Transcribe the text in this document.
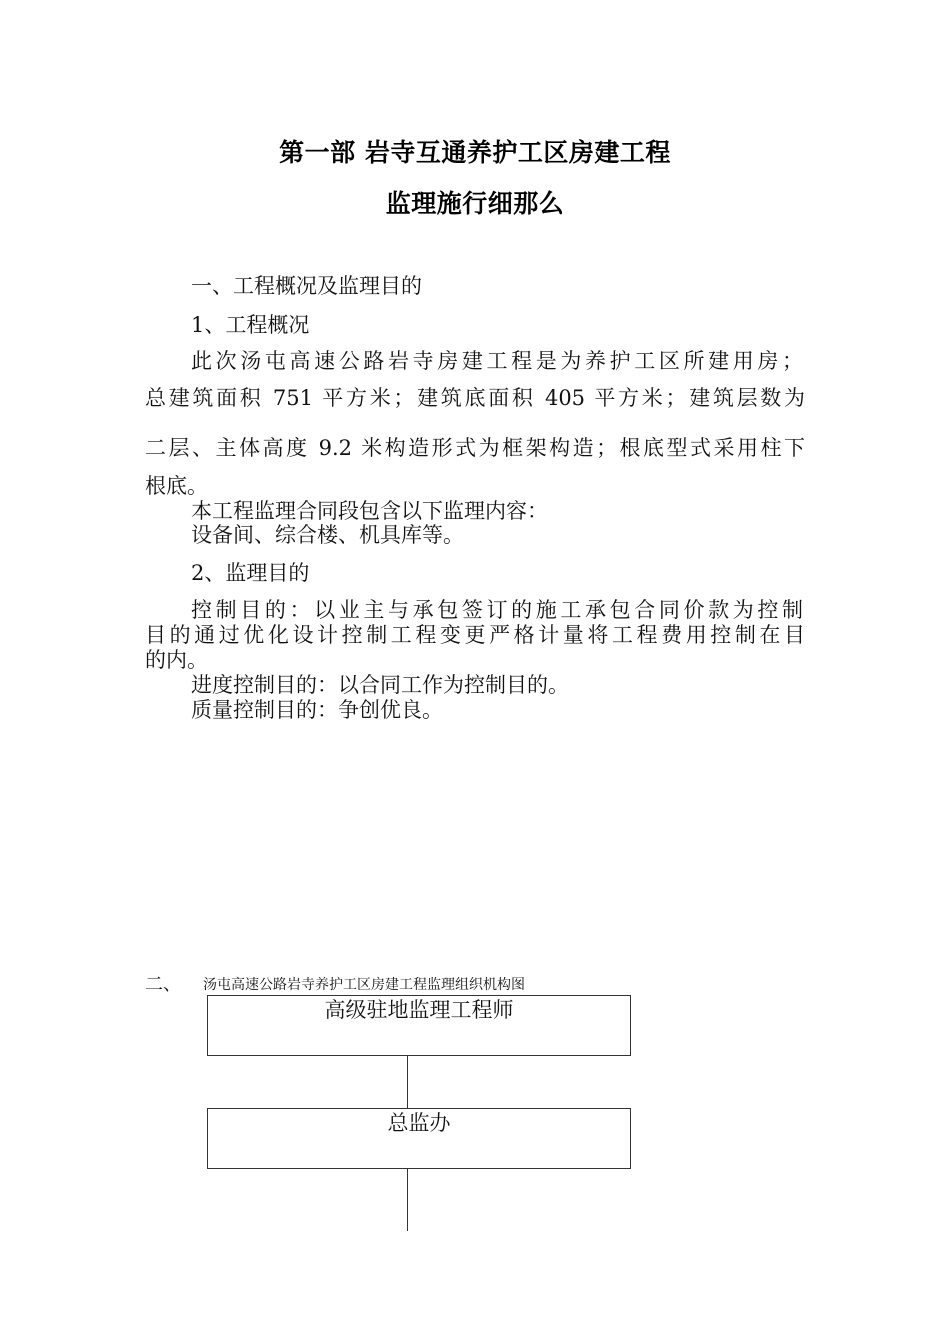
第一部 岩寺互通养护工区房建工程
监理施行细那么
一、工程概况及监理目的
1、工程概况
此次汤屯高速公路岩寺房建工程是为养护工区所建用房；
总建筑面积 751 平方米；建筑底面积 405 平方米；建筑层数为
二层、主体高度 9.2 米构造形式为框架构造；根底型式采用柱下
根底。
本工程监理合同段包含以下监理内容：
设备间、综合楼、机具库等。
2、监理目的
控制目的：以业主与承包签订的施工承包合同价款为控制
目的通过优化设计控制工程变更严格计量将工程费用控制在目
的内。
进度控制目的：以合同工作为控制目的。
质量控制目的：争创优良。
二、 汤屯高速公路岩寺养护工区房建工程监理组织机构图
高级驻地监理工程师
总监办
